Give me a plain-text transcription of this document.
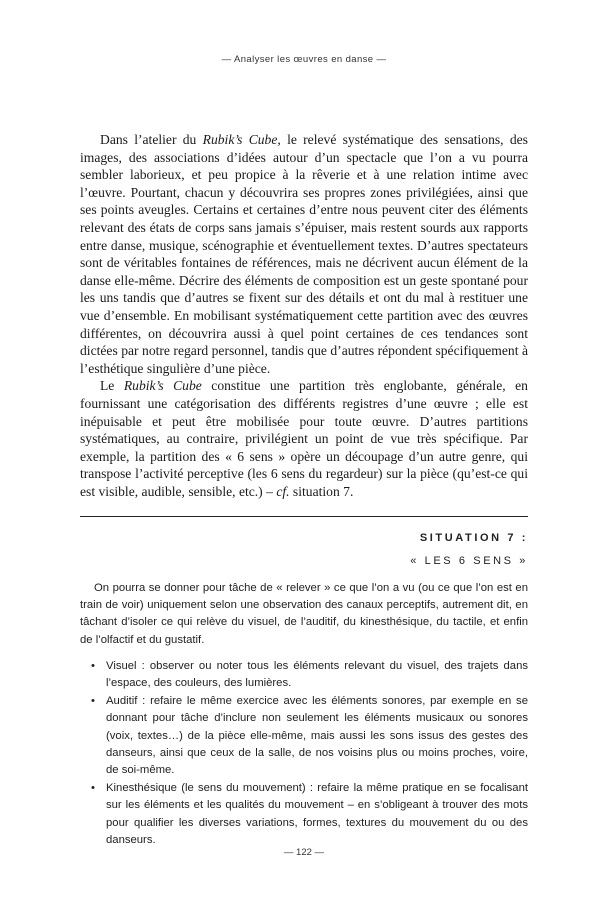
— Analyser les œuvres en danse —

Dans l’atelier du Rubik’s Cube, le relevé systématique des sensations, des images, des associations d’idées autour d’un spectacle que l’on a vu pourra sembler laborieux, et peu propice à la rêverie et à une relation intime avec l’œuvre. Pourtant, chacun y découvrira ses propres zones privilégiées, ainsi que ses points aveugles. Certains et certaines d’entre nous peuvent citer des éléments relevant des états de corps sans jamais s’épuiser, mais restent sourds aux rapports entre danse, musique, scénographie et éventuellement textes. D’autres spectateurs sont de véritables fontaines de références, mais ne décrivent aucun élément de la danse elle-même. Décrire des éléments de composition est un geste spontané pour les uns tandis que d’autres se fixent sur des détails et ont du mal à restituer une vue d’ensemble. En mobilisant systématiquement cette partition avec des œuvres différentes, on découvrira aussi à quel point certaines de ces tendances sont dictées par notre regard personnel, tandis que d’autres répondent spécifiquement à l’esthétique singulière d’une pièce.

Le Rubik’s Cube constitue une partition très englobante, générale, en fournissant une catégorisation des différents registres d’une œuvre ; elle est inépuisable et peut être mobilisée pour toute œuvre. D’autres partitions systématiques, au contraire, privilégient un point de vue très spécifique. Par exemple, la partition des « 6 sens » opère un découpage d’un autre genre, qui transpose l’activité perceptive (les 6 sens du regardeur) sur la pièce (qu’est-ce qui est visible, audible, sensible, etc.) – cf. situation 7.

SITUATION 7 :
« LES 6 SENS »

On pourra se donner pour tâche de « relever » ce que l’on a vu (ou ce que l’on est en train de voir) uniquement selon une observation des canaux perceptifs, autrement dit, en tâchant d’isoler ce qui relève du visuel, de l’auditif, du kinesthésique, du tactile, et enfin de l’olfactif et du gustatif.

• Visuel : observer ou noter tous les éléments relevant du visuel, des trajets dans l’espace, des couleurs, des lumières.
• Auditif : refaire le même exercice avec les éléments sonores, par exemple en se donnant pour tâche d’inclure non seulement les éléments musicaux ou sonores (voix, textes…) de la pièce elle-même, mais aussi les sons issus des gestes des danseurs, ainsi que ceux de la salle, de nos voisins plus ou moins proches, voire, de soi-même.
• Kinesthésique (le sens du mouvement) : refaire la même pratique en se focalisant sur les éléments et les qualités du mouvement – en s’obligeant à trouver des mots pour qualifier les diverses variations, formes, textures du mouvement du ou des danseurs.
— 122 —
